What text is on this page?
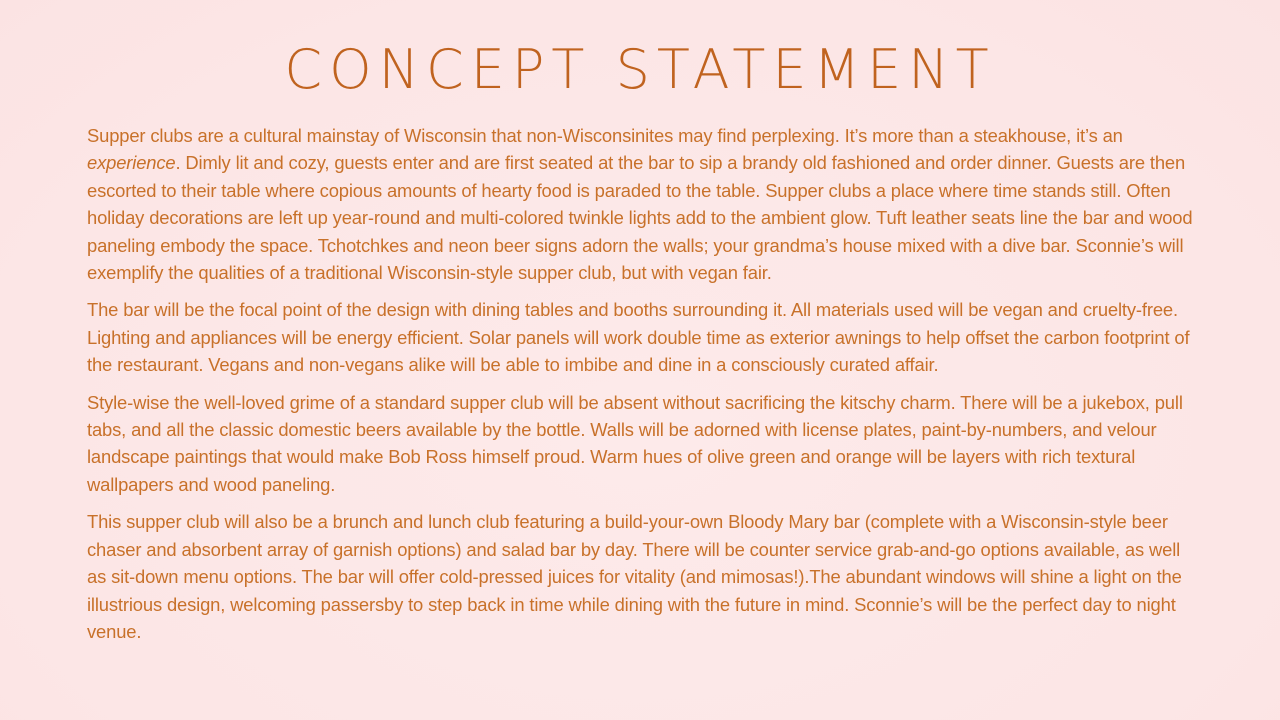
CONCEPT STATEMENT

Supper clubs are a cultural mainstay of Wisconsin that non-Wisconsinites may find perplexing. It’s more than a steakhouse, it’s an experience. Dimly lit and cozy, guests enter and are first seated at the bar to sip a brandy old fashioned and order dinner. Guests are then escorted to their table where copious amounts of hearty food is paraded to the table. Supper clubs a place where time stands still. Often holiday decorations are left up year-round and multi-colored twinkle lights add to the ambient glow. Tuft leather seats line the bar and wood paneling embody the space. Tchotchkes and neon beer signs adorn the walls; your grandma’s house mixed with a dive bar. Sconnie’s will exemplify the qualities of a traditional Wisconsin-style supper club, but with vegan fair.

The bar will be the focal point of the design with dining tables and booths surrounding it. All materials used will be vegan and cruelty-free. Lighting and appliances will be energy efficient. Solar panels will work double time as exterior awnings to help offset the carbon footprint of the restaurant. Vegans and non-vegans alike will be able to imbibe and dine in a consciously curated affair.

Style-wise the well-loved grime of a standard supper club will be absent without sacrificing the kitschy charm. There will be a jukebox, pull tabs, and all the classic domestic beers available by the bottle. Walls will be adorned with license plates, paint-by-numbers, and velour landscape paintings that would make Bob Ross himself proud. Warm hues of olive green and orange will be layers with rich textural wallpapers and wood paneling.

This supper club will also be a brunch and lunch club featuring a build-your-own Bloody Mary bar (complete with a Wisconsin-style beer chaser and absorbent array of garnish options) and salad bar by day. There will be counter service grab-and-go options available, as well as sit-down menu options. The bar will offer cold-pressed juices for vitality (and mimosas!).The abundant windows will shine a light on the illustrious design, welcoming passersby to step back in time while dining with the future in mind. Sconnie’s will be the perfect day to night venue.
